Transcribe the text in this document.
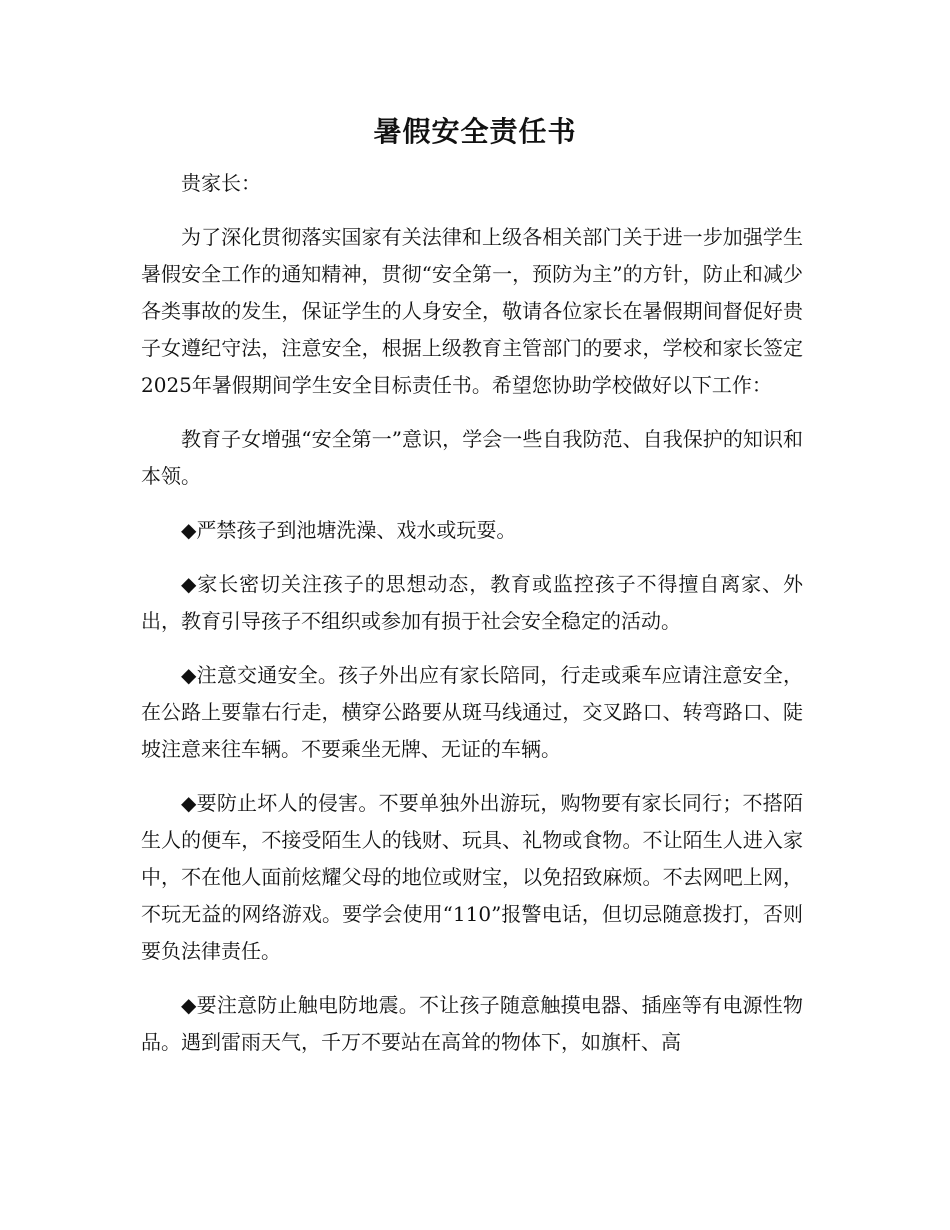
暑假安全责任书

贵家长：

为了深化贯彻落实国家有关法律和上级各相关部门关于进一步加强学生暑假安全工作的通知精神，贯彻“安全第一，预防为主”的方针，防止和减少各类事故的发生，保证学生的人身安全，敬请各位家长在暑假期间督促好贵子女遵纪守法，注意安全，根据上级教育主管部门的要求，学校和家长签定2025年暑假期间学生安全目标责任书。希望您协助学校做好以下工作：

教育子女增强“安全第一”意识，学会一些自我防范、自我保护的知识和本领。

◆严禁孩子到池塘洗澡、戏水或玩耍。

◆家长密切关注孩子的思想动态，教育或监控孩子不得擅自离家、外出，教育引导孩子不组织或参加有损于社会安全稳定的活动。

◆注意交通安全。孩子外出应有家长陪同，行走或乘车应请注意安全，在公路上要靠右行走，横穿公路要从斑马线通过，交叉路口、转弯路口、陡坡注意来往车辆。不要乘坐无牌、无证的车辆。

◆要防止坏人的侵害。不要单独外出游玩，购物要有家长同行；不搭陌生人的便车，不接受陌生人的钱财、玩具、礼物或食物。不让陌生人进入家中，不在他人面前炫耀父母的地位或财宝，以免招致麻烦。不去网吧上网，不玩无益的网络游戏。要学会使用“110”报警电话，但切忌随意拨打，否则要负法律责任。

◆要注意防止触电防地震。不让孩子随意触摸电器、插座等有电源性物品。遇到雷雨天气，千万不要站在高耸的物体下，如旗杆、高
